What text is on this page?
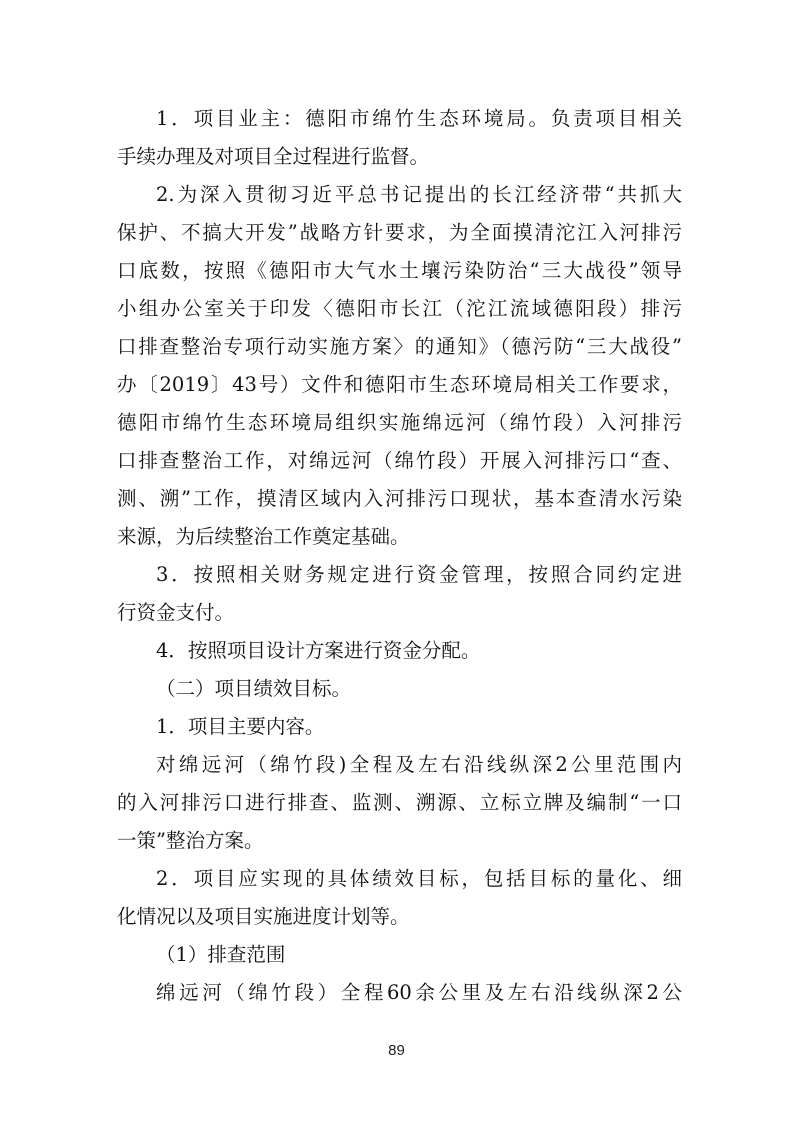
1．项目业主：德阳市绵竹生态环境局。负责项目相关
手续办理及对项目全过程进行监督。
2.为深入贯彻习近平总书记提出的长江经济带“共抓大
保护、不搞大开发”战略方针要求，为全面摸清沱江入河排污
口底数，按照《德阳市大气水土壤污染防治“三大战役”领导
小组办公室关于印发〈德阳市长江（沱江流域德阳段）排污
口排查整治专项行动实施方案〉的通知》（德污防“三大战役”
办〔2019〕43号）文件和德阳市生态环境局相关工作要求，
德阳市绵竹生态环境局组织实施绵远河（绵竹段）入河排污
口排查整治工作，对绵远河（绵竹段）开展入河排污口“查、
测、溯”工作，摸清区域内入河排污口现状，基本查清水污染
来源，为后续整治工作奠定基础。
3．按照相关财务规定进行资金管理，按照合同约定进
行资金支付。
4．按照项目设计方案进行资金分配。
（二）项目绩效目标。
1．项目主要内容。
对绵远河（绵竹段)全程及左右沿线纵深2公里范围内
的入河排污口进行排查、监测、溯源、立标立牌及编制“一口
一策”整治方案。
2．项目应实现的具体绩效目标，包括目标的量化、细
化情况以及项目实施进度计划等。
（1）排查范围
绵远河（绵竹段）全程60余公里及左右沿线纵深2公
89
